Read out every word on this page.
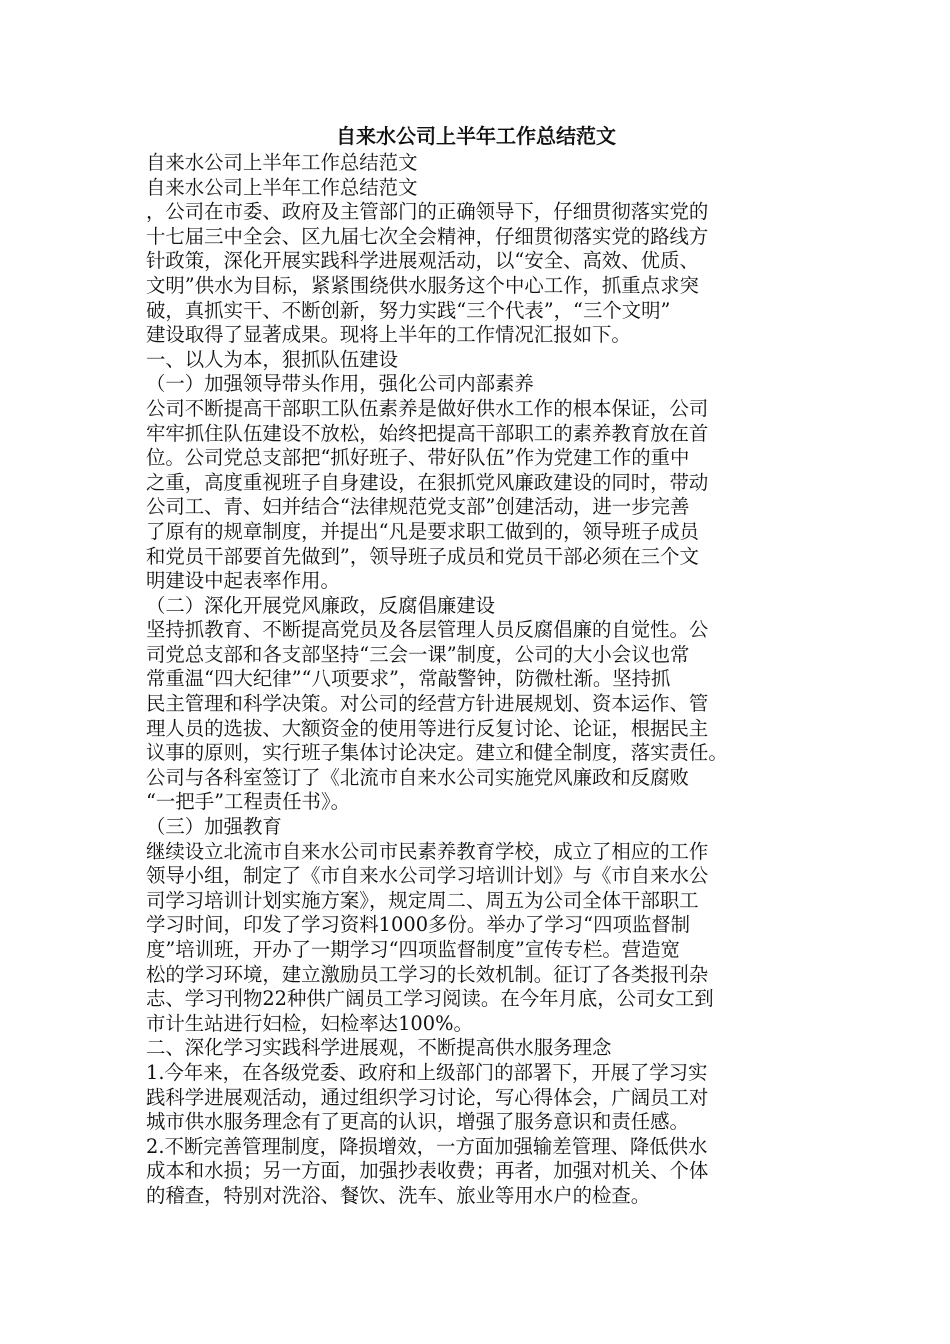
自来水公司上半年工作总结范文

自来水公司上半年工作总结范文

自来水公司上半年工作总结范文

，公司在市委、政府及主管部门的正确领导下，仔细贯彻落实党的
十七届三中全会、区九届七次全会精神，仔细贯彻落实党的路线方
针政策，深化开展实践科学进展观活动，以“安全、高效、优质、
文明”供水为目标，紧紧围绕供水服务这个中心工作，抓重点求突
破，真抓实干、不断创新，努力实践“三个代表”，“三个文明”
建设取得了显著成果。现将上半年的工作情况汇报如下。

一、以人为本，狠抓队伍建设

（一）加强领导带头作用，强化公司内部素养

公司不断提高干部职工队伍素养是做好供水工作的根本保证，公司
牢牢抓住队伍建设不放松，始终把提高干部职工的素养教育放在首
位。公司党总支部把“抓好班子、带好队伍”作为党建工作的重中
之重，高度重视班子自身建设，在狠抓党风廉政建设的同时，带动
公司工、青、妇并结合“法律规范党支部”创建活动，进一步完善
了原有的规章制度，并提出“凡是要求职工做到的，领导班子成员
和党员干部要首先做到”，领导班子成员和党员干部必须在三个文
明建设中起表率作用。

（二）深化开展党风廉政，反腐倡廉建设

坚持抓教育、不断提高党员及各层管理人员反腐倡廉的自觉性。公
司党总支部和各支部坚持“三会一课”制度，公司的大小会议也常
常重温“四大纪律”“八项要求”，常敲警钟，防微杜渐。坚持抓
民主管理和科学决策。对公司的经营方针进展规划、资本运作、管
理人员的选拔、大额资金的使用等进行反复讨论、论证，根据民主
议事的原则，实行班子集体讨论决定。建立和健全制度，落实责任。
公司与各科室签订了《北流市自来水公司实施党风廉政和反腐败
“一把手”工程责任书》。

（三）加强教育

继续设立北流市自来水公司市民素养教育学校，成立了相应的工作
领导小组，制定了《市自来水公司学习培训计划》与《市自来水公
司学习培训计划实施方案》，规定周二、周五为公司全体干部职工
学习时间，印发了学习资料1000多份。举办了学习“四项监督制
度”培训班，开办了一期学习“四项监督制度”宣传专栏。营造宽
松的学习环境，建立激励员工学习的长效机制。征订了各类报刊杂
志、学习刊物22种供广阔员工学习阅读。在今年月底，公司女工到
市计生站进行妇检，妇检率达100%。

二、深化学习实践科学进展观，不断提高供水服务理念

1.今年来，在各级党委、政府和上级部门的部署下，开展了学习实
践科学进展观活动，通过组织学习讨论，写心得体会，广阔员工对
城市供水服务理念有了更高的认识，增强了服务意识和责任感。
2.不断完善管理制度，降损增效，一方面加强输差管理、降低供水
成本和水损；另一方面，加强抄表收费；再者，加强对机关、个体
的稽查，特别对洗浴、餐饮、洗车、旅业等用水户的检查。
